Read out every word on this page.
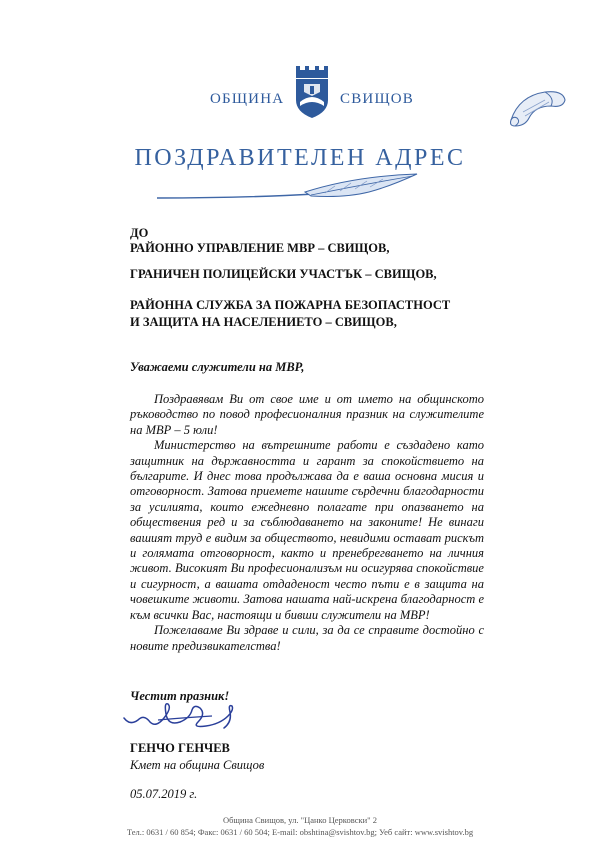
ОБЩИНА	СВИЩОВ
ПОЗДРАВИТЕЛЕН АДРЕС
ДО
РАЙОННО УПРАВЛЕНИЕ МВР – СВИЩОВ,
ГРАНИЧЕН ПОЛИЦЕЙСКИ УЧАСТЪК – СВИЩОВ,
РАЙОННА СЛУЖБА ЗА ПОЖАРНА БЕЗОПАСТНОСТ
И ЗАЩИТА НА НАСЕЛЕНИЕТО – СВИЩОВ,
Уважаеми служители на МВР,

Поздравявам Ви от свое име и от името на общинското ръководство по повод професионалния празник на служителите на МВР – 5 юли!

Министерство на вътрешните работи е създадено като защитник на държавността и гарант за спокойствието на българите. И днес това продължава да е ваша основна мисия и отговорност. Затова приемете нашите сърдечни благодарности за усилията, които ежедневно полагате при опазването на обществения ред и за съблюдаването на законите! Не винаги вашият труд е видим за обществото, невидими остават рискът и голямата отговорност, както и пренебрегването на личния живот. Високият Ви професионализъм ни осигурява спокойствие и сигурност, а вашата отдаденост често пъти е в защита на човешките животи. Затова нашата най-искрена благодарност е към всички Вас, настоящи и бивши служители на МВР!

Пожелаваме Ви здраве и сили, за да се справите достойно с новите предизвикателства!

Честит празник!
ГЕНЧО ГЕНЧЕВ
Кмет на община Свищов
05.07.2019 г.
Община Свищов, ул. "Цанко Церковски" 2
Тел.: 0631 / 60 854; Факс: 0631 / 60 504; E-mail: obshtina@svishtov.bg; Уеб сайт: www.svishtov.bg
